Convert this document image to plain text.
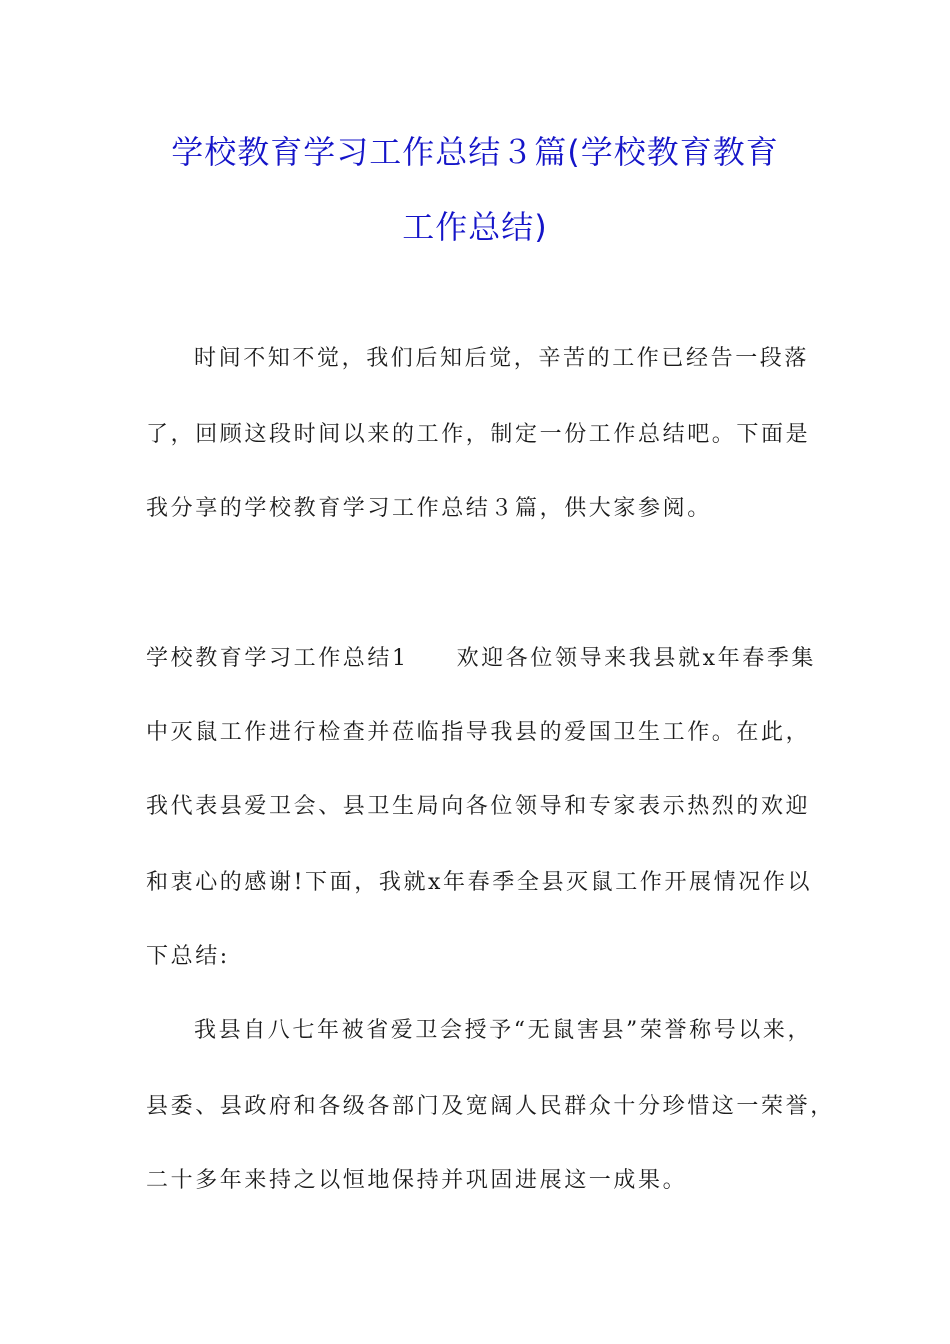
学校教育学习工作总结３篇(学校教育教育
工作总结)

时间不知不觉，我们后知后觉，辛苦的工作已经告一段落

了，回顾这段时间以来的工作，制定一份工作总结吧。下面是

我分享的学校教育学习工作总结３篇，供大家参阅。

学校教育学习工作总结1 欢迎各位领导来我县就x年春季集

中灭鼠工作进行检查并莅临指导我县的爱国卫生工作。在此，

我代表县爱卫会、县卫生局向各位领导和专家表示热烈的欢迎

和衷心的感谢!下面，我就x年春季全县灭鼠工作开展情况作以

下总结:

我县自八七年被省爱卫会授予“无鼠害县”荣誉称号以来，

县委、县政府和各级各部门及宽阔人民群众十分珍惜这一荣誉，

二十多年来持之以恒地保持并巩固进展这一成果。
